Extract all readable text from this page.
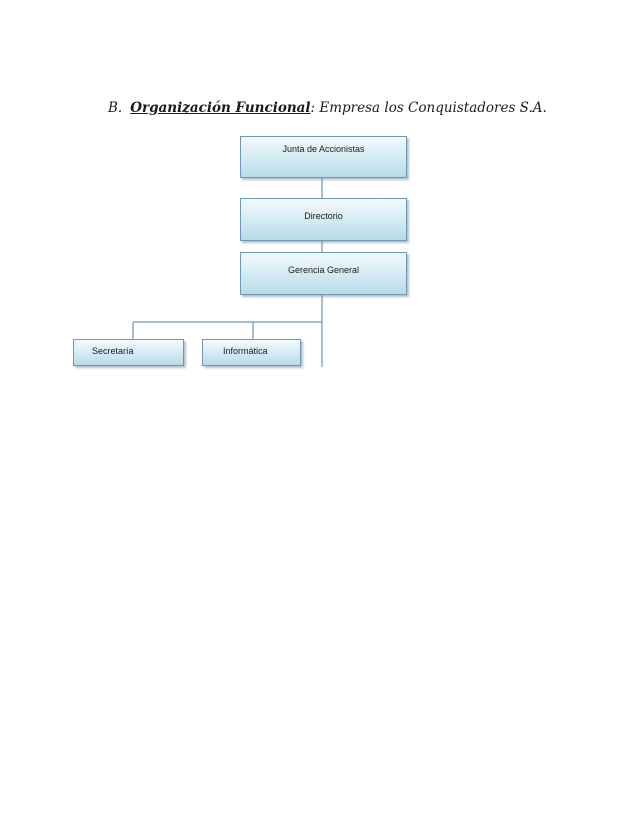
B. Organización Funcional: Empresa los Conquistadores S.A.
Junta de Accionistas
Directorio
Gerencia General
Secretaría	Informática
